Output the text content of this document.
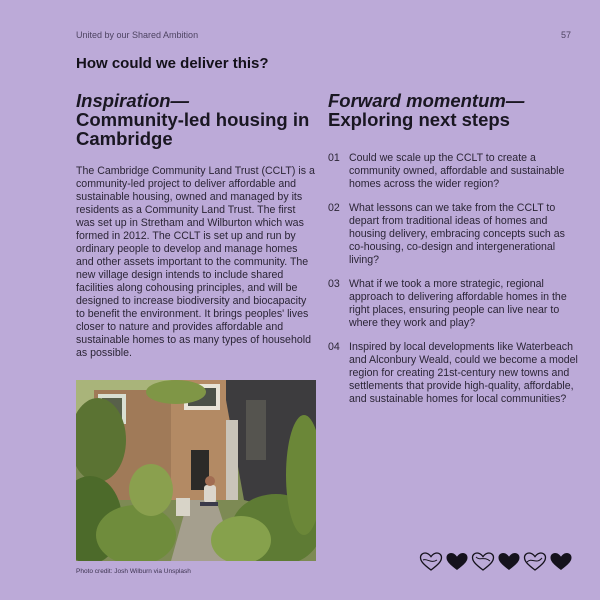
United by our Shared Ambition	57
How could we deliver this?
Inspiration—
Community-led housing in Cambridge

The Cambridge Community Land Trust (CCLT) is a community-led project to deliver affordable and sustainable housing, owned and managed by its residents as a Community Land Trust. The first was set up in Stretham and Wilburton which was formed in 2012. The CCLT is set up and run by ordinary people to develop and manage homes and other assets important to the community. The new village design intends to include shared facilities along cohousing principles, and will be designed to increase biodiversity and biocapacity to benefit the environment. It brings peoples' lives closer to nature and provides affordable and sustainable homes to as many types of household as possible.

Forward momentum—
Exploring next steps
01 Could we scale up the CCLT to create a community owned, affordable and sustainable homes across the wider region?
02 What lessons can we take from the CCLT to depart from traditional ideas of homes and housing delivery, embracing concepts such as co-housing, co-design and intergenerational living?
03 What if we took a more strategic, regional approach to delivering affordable homes in the right places, ensuring people can live near to where they work and play?
04 Inspired by local developments like Waterbeach and Alconbury Weald, could we become a model region for creating 21st-century new towns and settlements that provide high-quality, affordable, and sustainable homes for local communities?
Photo credit: Josh Wilburn via Unsplash
